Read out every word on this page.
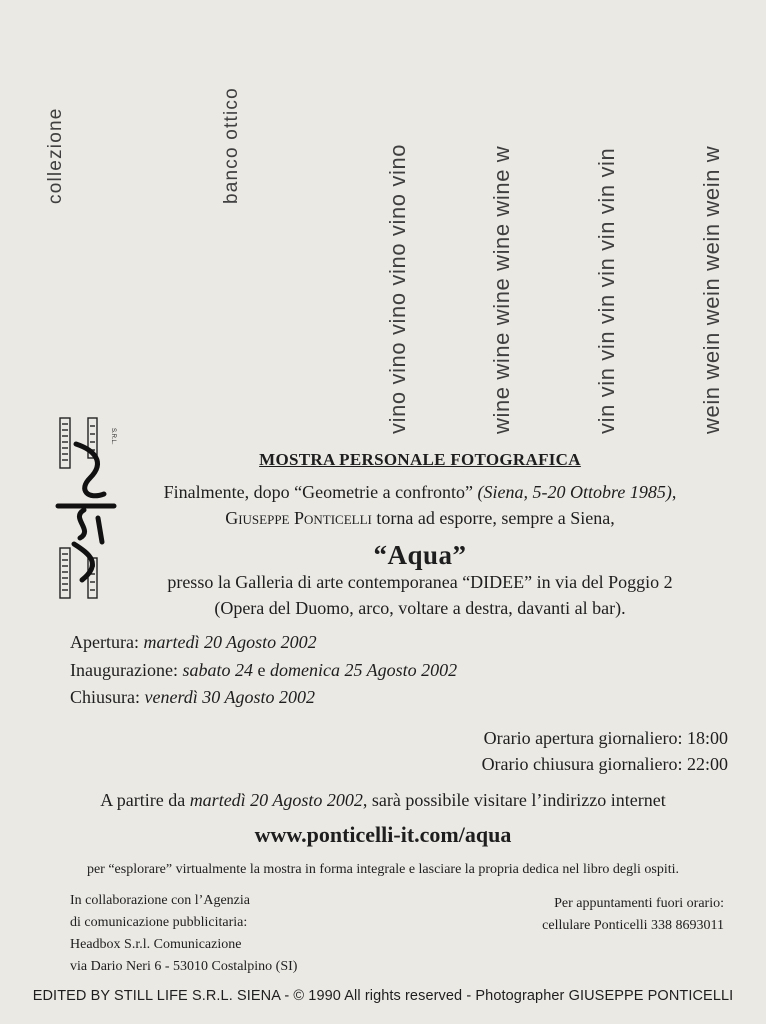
collezione	banco ottico	vino vino vino vino vino vino	wine wine wine wine wine w	vin vin vin vin vin vin vin vin	wein wein wein wein wein w
S.R.L.
MOSTRA PERSONALE FOTOGRAFICA
Finalmente, dopo “Geometrie a confronto” (Siena, 5-20 Ottobre 1985),
Giuseppe Ponticelli torna ad esporre, sempre a Siena,
“Aqua”
presso la Galleria di arte contemporanea “DIDEE” in via del Poggio 2
(Opera del Duomo, arco, voltare a destra, davanti al bar).
Apertura: martedì 20 Agosto 2002
Inaugurazione: sabato 24 e domenica 25 Agosto 2002
Chiusura: venerdì 30 Agosto 2002
Orario apertura giornaliero: 18:00
Orario chiusura giornaliero: 22:00
A partire da martedì 20 Agosto 2002, sarà possibile visitare l’indirizzo internet
www.ponticelli-it.com/aqua
per “esplorare” virtualmente la mostra in forma integrale e lasciare la propria dedica nel libro degli ospiti.
In collaborazione con l’Agenzia
di comunicazione pubblicitaria:
Headbox S.r.l. Comunicazione
via Dario Neri 6 - 53010 Costalpino (SI)
Per appuntamenti fuori orario:
cellulare Ponticelli 338 8693011
EDITED BY STILL LIFE S.R.L. SIENA - © 1990 All rights reserved - Photographer GIUSEPPE PONTICELLI
